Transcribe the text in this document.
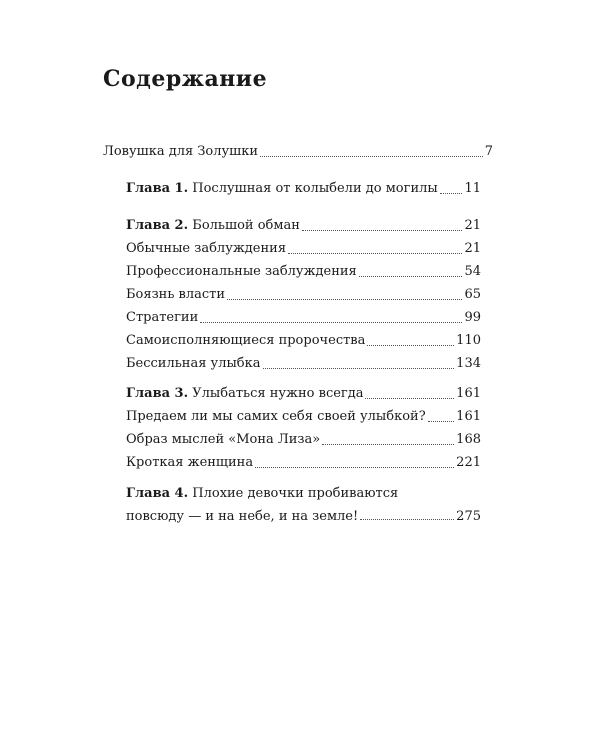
Содержание
Ловушка для Золушки	7
Глава 1. Послушная от колыбели до могилы 11
Глава 2. Большой обман	21
Обычные заблуждения	21
Профессиональные заблуждения	54
Боязнь власти	65
Стратегии	99
Самоисполняющиеся пророчества	110
Бессильная улыбка	134
Глава 3. Улыбаться нужно всегда	161
Предаем ли мы самих себя своей улыбкой? 161
Образ мыслей «Мона Лиза»	168
Кроткая женщина	221
Глава 4. Плохие девочки пробиваются
повсюду — и на небе, и на земле!	275
